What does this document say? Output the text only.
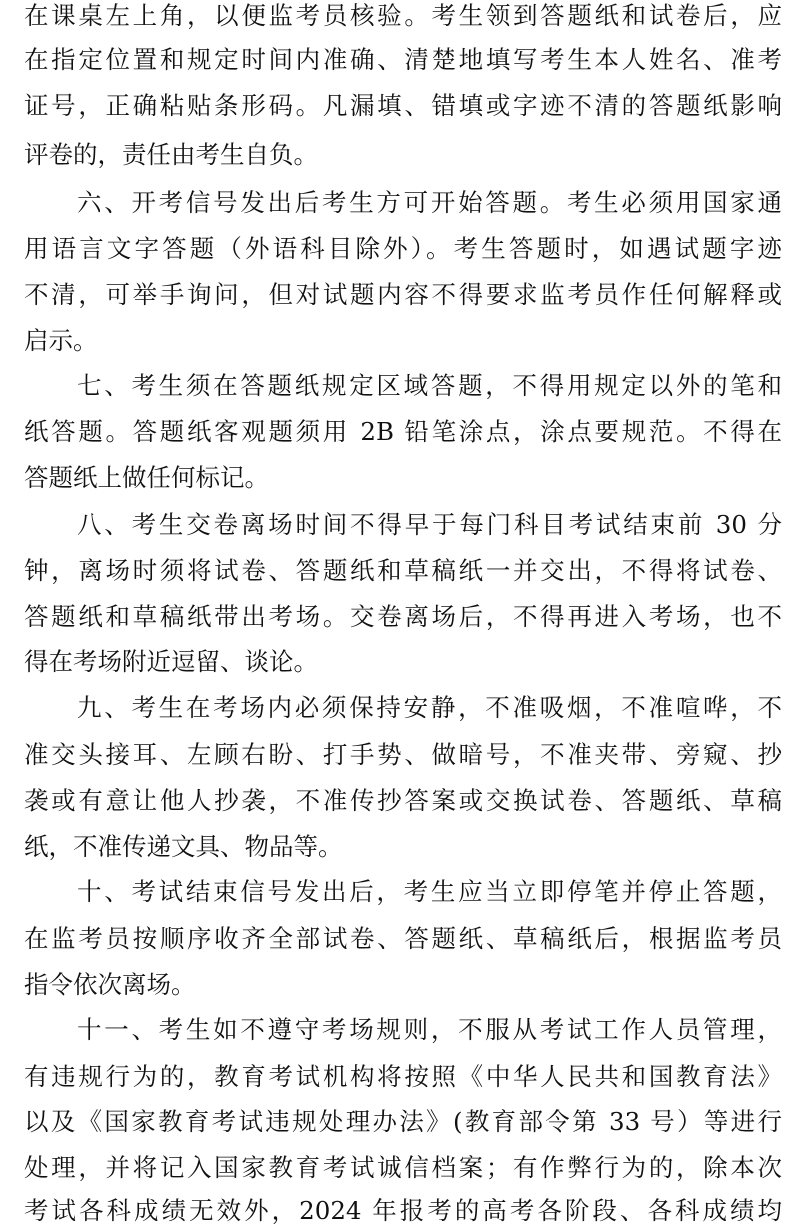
在课桌左上角，以便监考员核验。考生领到答题纸和试卷后，应
在指定位置和规定时间内准确、清楚地填写考生本人姓名、准考
证号，正确粘贴条形码。凡漏填、错填或字迹不清的答题纸影响
评卷的，责任由考生自负。
六、开考信号发出后考生方可开始答题。考生必须用国家通
用语言文字答题（外语科目除外）。考生答题时，如遇试题字迹
不清，可举手询问，但对试题内容不得要求监考员作任何解释或
启示。
七、考生须在答题纸规定区域答题，不得用规定以外的笔和
纸答题。答题纸客观题须用 2B 铅笔涂点，涂点要规范。不得在
答题纸上做任何标记。
八、考生交卷离场时间不得早于每门科目考试结束前 30 分
钟，离场时须将试卷、答题纸和草稿纸一并交出，不得将试卷、
答题纸和草稿纸带出考场。交卷离场后，不得再进入考场，也不
得在考场附近逗留、谈论。
九、考生在考场内必须保持安静，不准吸烟，不准喧哗，不
准交头接耳、左顾右盼、打手势、做暗号，不准夹带、旁窥、抄
袭或有意让他人抄袭，不准传抄答案或交换试卷、答题纸、草稿
纸，不准传递文具、物品等。
十、考试结束信号发出后，考生应当立即停笔并停止答题，
在监考员按顺序收齐全部试卷、答题纸、草稿纸后，根据监考员
指令依次离场。
十一、考生如不遵守考场规则，不服从考试工作人员管理，
有违规行为的，教育考试机构将按照《中华人民共和国教育法》
以及《国家教育考试违规处理办法》(教育部令第 33 号）等进行
处理，并将记入国家教育考试诚信档案；有作弊行为的，除本次
考试各科成绩无效外，2024 年报考的高考各阶段、各科成绩均
